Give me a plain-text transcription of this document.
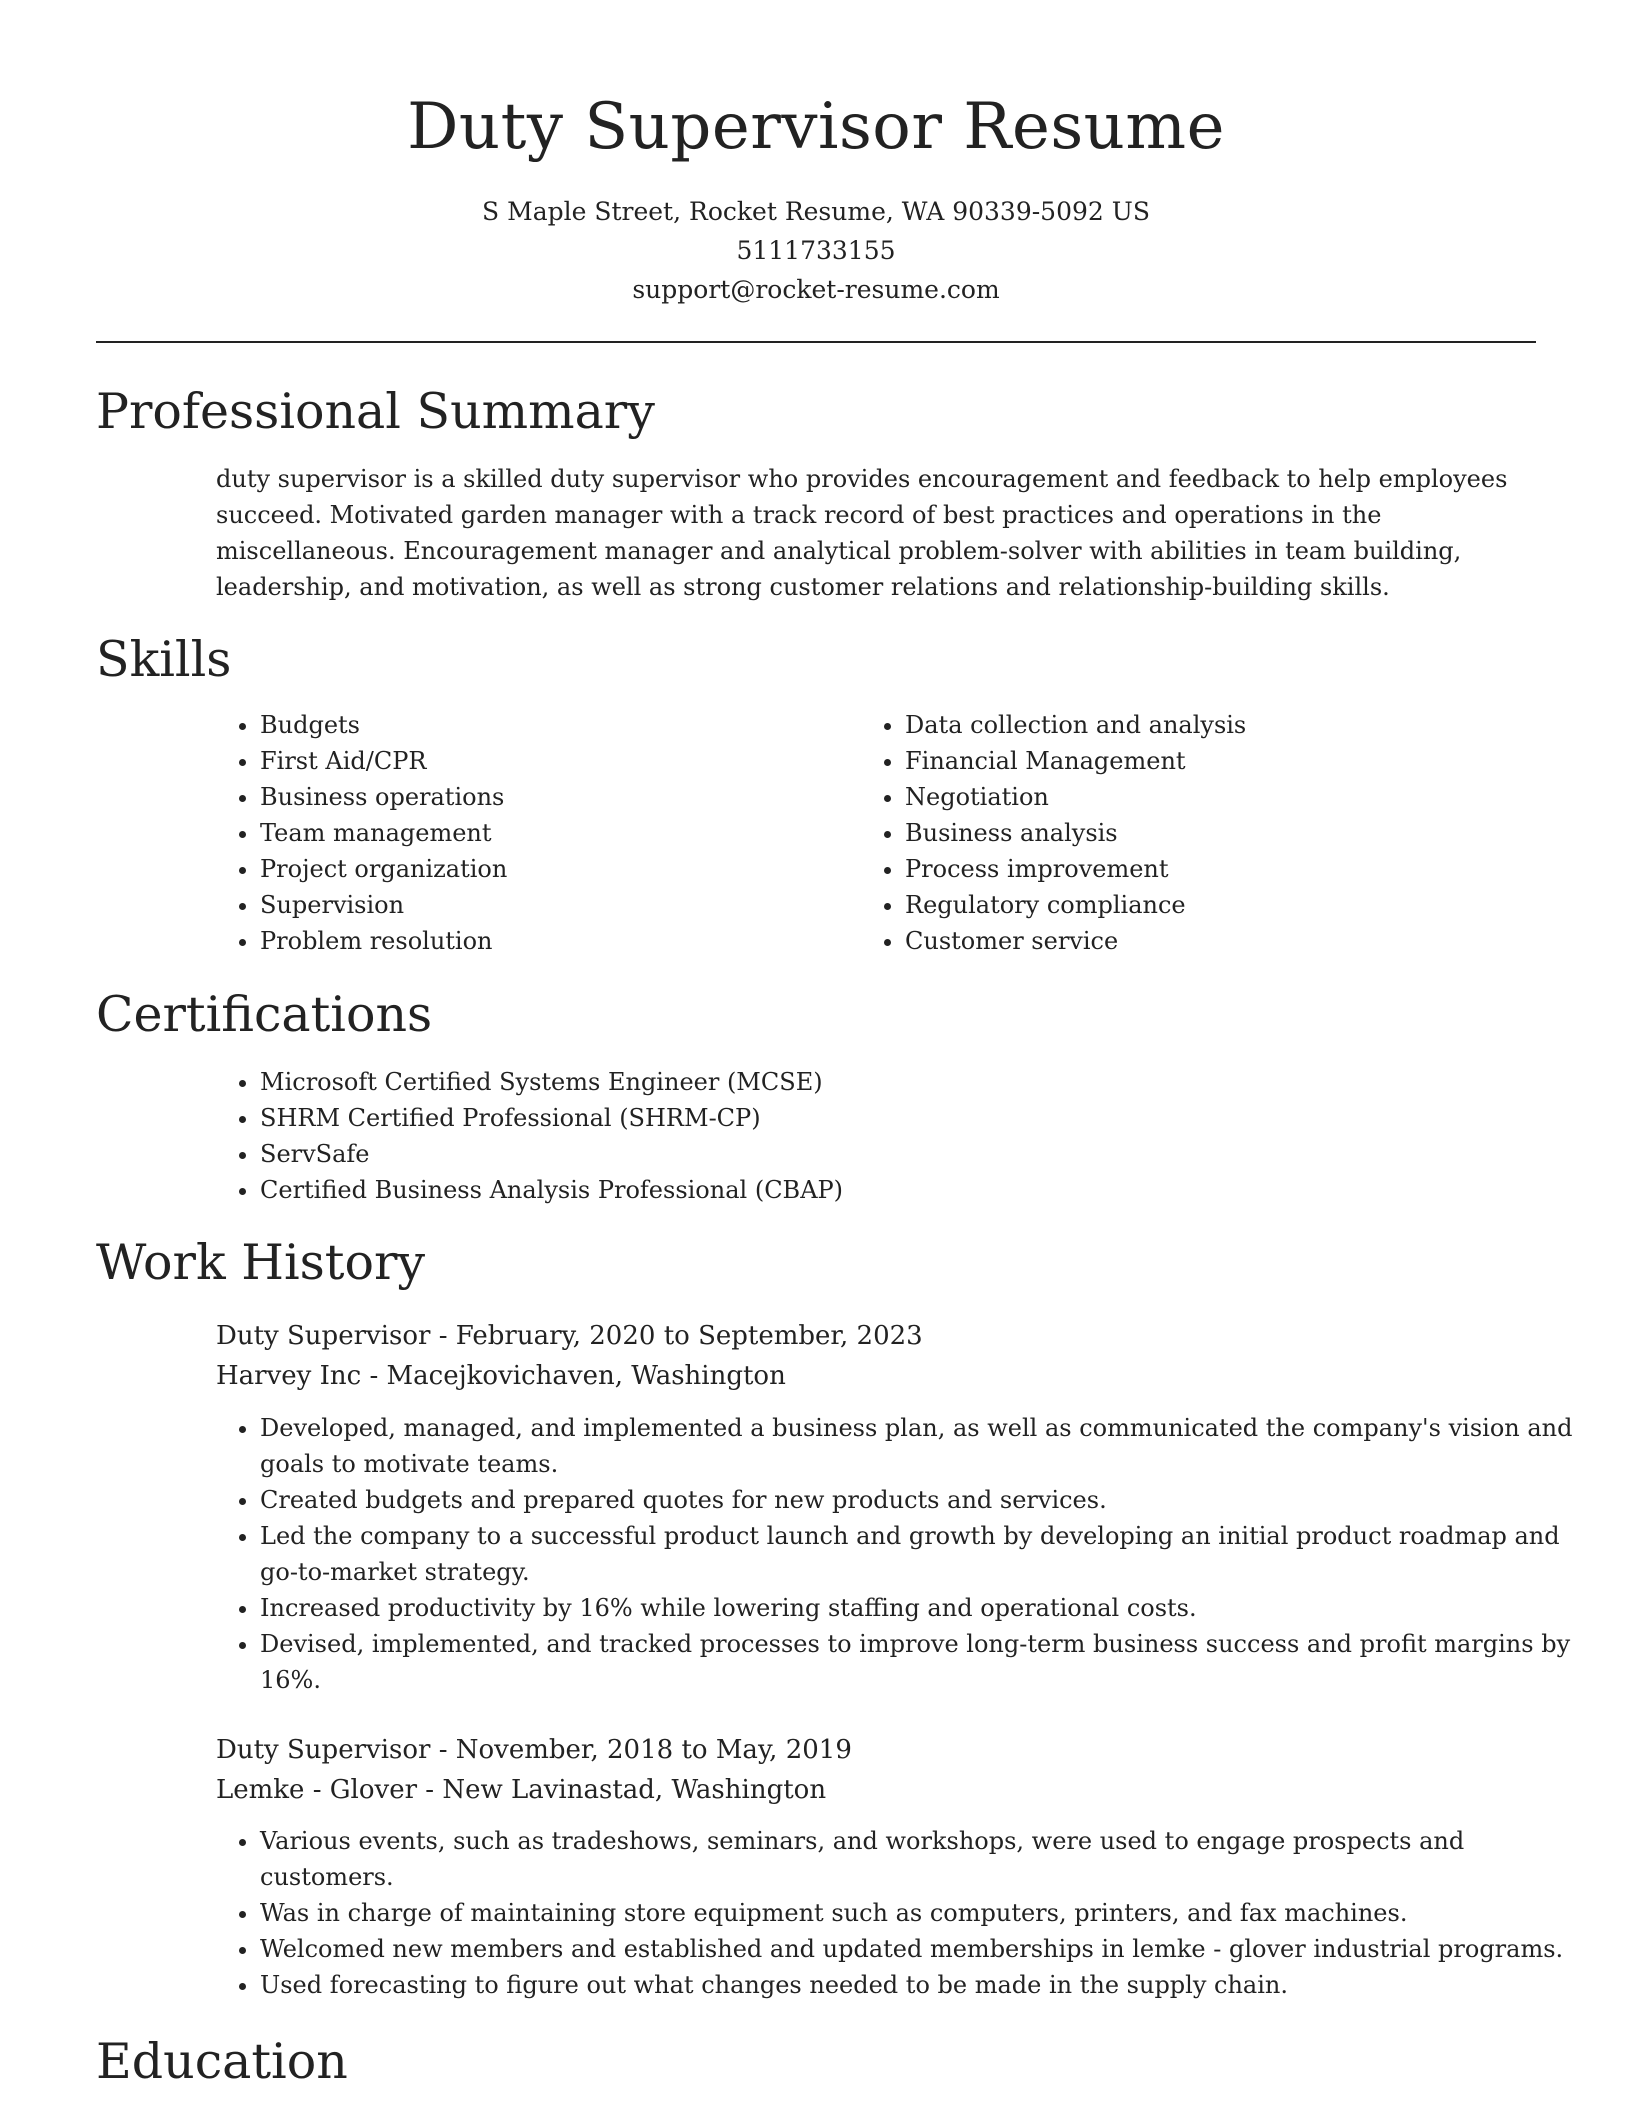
Duty Supervisor Resume
S Maple Street, Rocket Resume, WA 90339-5092 US
5111733155
support@rocket-resume.com
Professional Summary

duty supervisor is a skilled duty supervisor who provides encouragement and feedback to help employees succeed. Motivated garden manager with a track record of best practices and operations in the miscellaneous. Encouragement manager and analytical problem-solver with abilities in team building, leadership, and motivation, as well as strong customer relations and relationship-building skills.

Skills
• Budgets
• First Aid/CPR
• Business operations
• Team management
• Project organization
• Supervision
• Problem resolution
• Data collection and analysis
• Financial Management
• Negotiation
• Business analysis
• Process improvement
• Regulatory compliance
• Customer service
Certifications
• Microsoft Certified Systems Engineer (MCSE)
• SHRM Certified Professional (SHRM-CP)
• ServSafe
• Certified Business Analysis Professional (CBAP)
Work History
Duty Supervisor - February, 2020 to September, 2023
Harvey Inc - Macejkovichaven, Washington
• Developed, managed, and implemented a business plan, as well as communicated the company's vision and goals to motivate teams.
• Created budgets and prepared quotes for new products and services.
• Led the company to a successful product launch and growth by developing an initial product roadmap and go-to-market strategy.
• Increased productivity by 16% while lowering staffing and operational costs.
• Devised, implemented, and tracked processes to improve long-term business success and profit margins by 16%.
Duty Supervisor - November, 2018 to May, 2019
Lemke - Glover - New Lavinastad, Washington
• Various events, such as tradeshows, seminars, and workshops, were used to engage prospects and customers.
• Was in charge of maintaining store equipment such as computers, printers, and fax machines.
• Welcomed new members and established and updated memberships in lemke - glover industrial programs.
• Used forecasting to figure out what changes needed to be made in the supply chain.
Education
